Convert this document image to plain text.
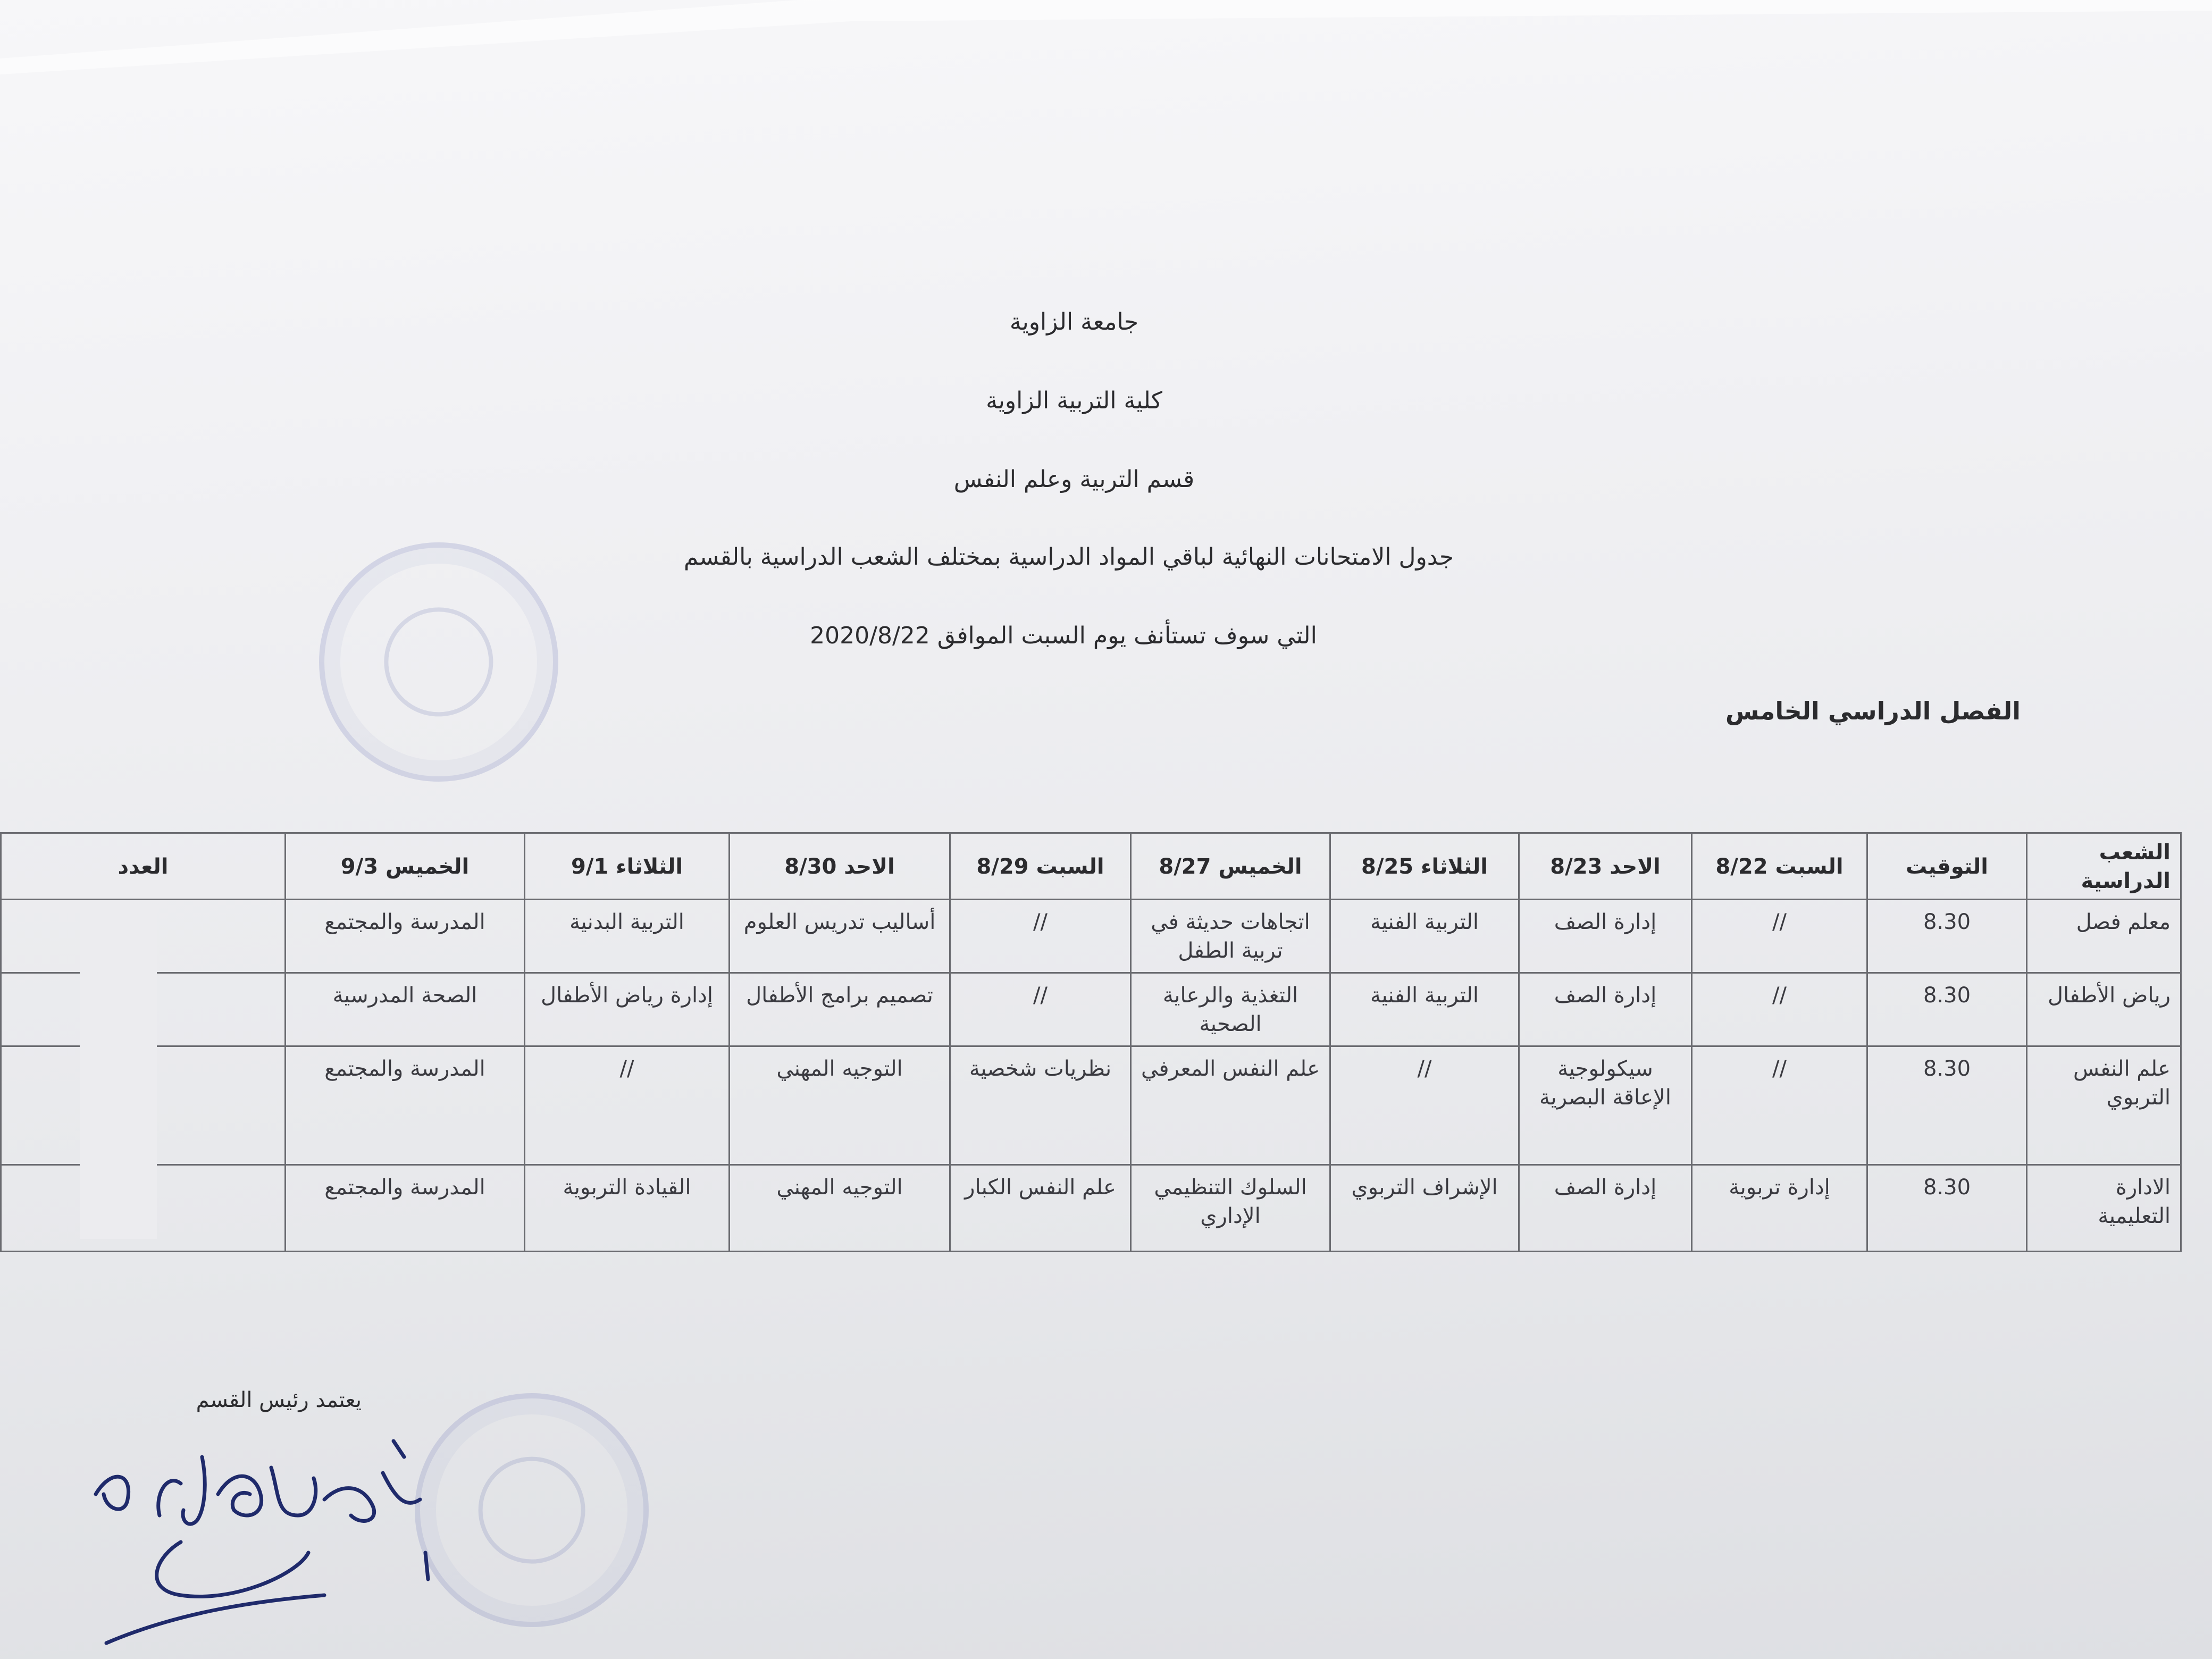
جامعة الزاوية
كلية التربية الزاوية
قسم التربية وعلم النفس
جدول الامتحانات النهائية لباقي المواد الدراسية بمختلف الشعب الدراسية بالقسم
التي سوف تستأنف يوم السبت الموافق 2020/8/22
الفصل الدراسي الخامس
الشعب الدراسية	التوقيت	السبت 8/22	الاحد 8/23	الثلاثاء 8/25	الخميس 8/27	السبت 8/29	الاحد 8/30	الثلاثاء 9/1	الخميس 9/3	العدد
معلم فصل	8.30	//	إدارة الصف	التربية الفنية	اتجاهات حديثة في تربية الطفل	//	أساليب تدريس العلوم	التربية البدنية	المدرسة والمجتمع	
رياض الأطفال	8.30	//	إدارة الصف	التربية الفنية	التغذية والرعاية الصحية	//	تصميم برامج الأطفال	إدارة رياض الأطفال	الصحة المدرسية	
علم النفس التربوي	8.30	//	سيكولوجية الإعاقة البصرية	//	علم النفس المعرفي	نظريات شخصية	التوجيه المهني	//	المدرسة والمجتمع	
الادارة التعليمية	8.30	إدارة تربوية	إدارة الصف	الإشراف التربوي	السلوك التنظيمي الإداري	علم النفس الكبار	التوجيه المهني	القيادة التربوية	المدرسة والمجتمع	
يعتمد رئيس القسم
